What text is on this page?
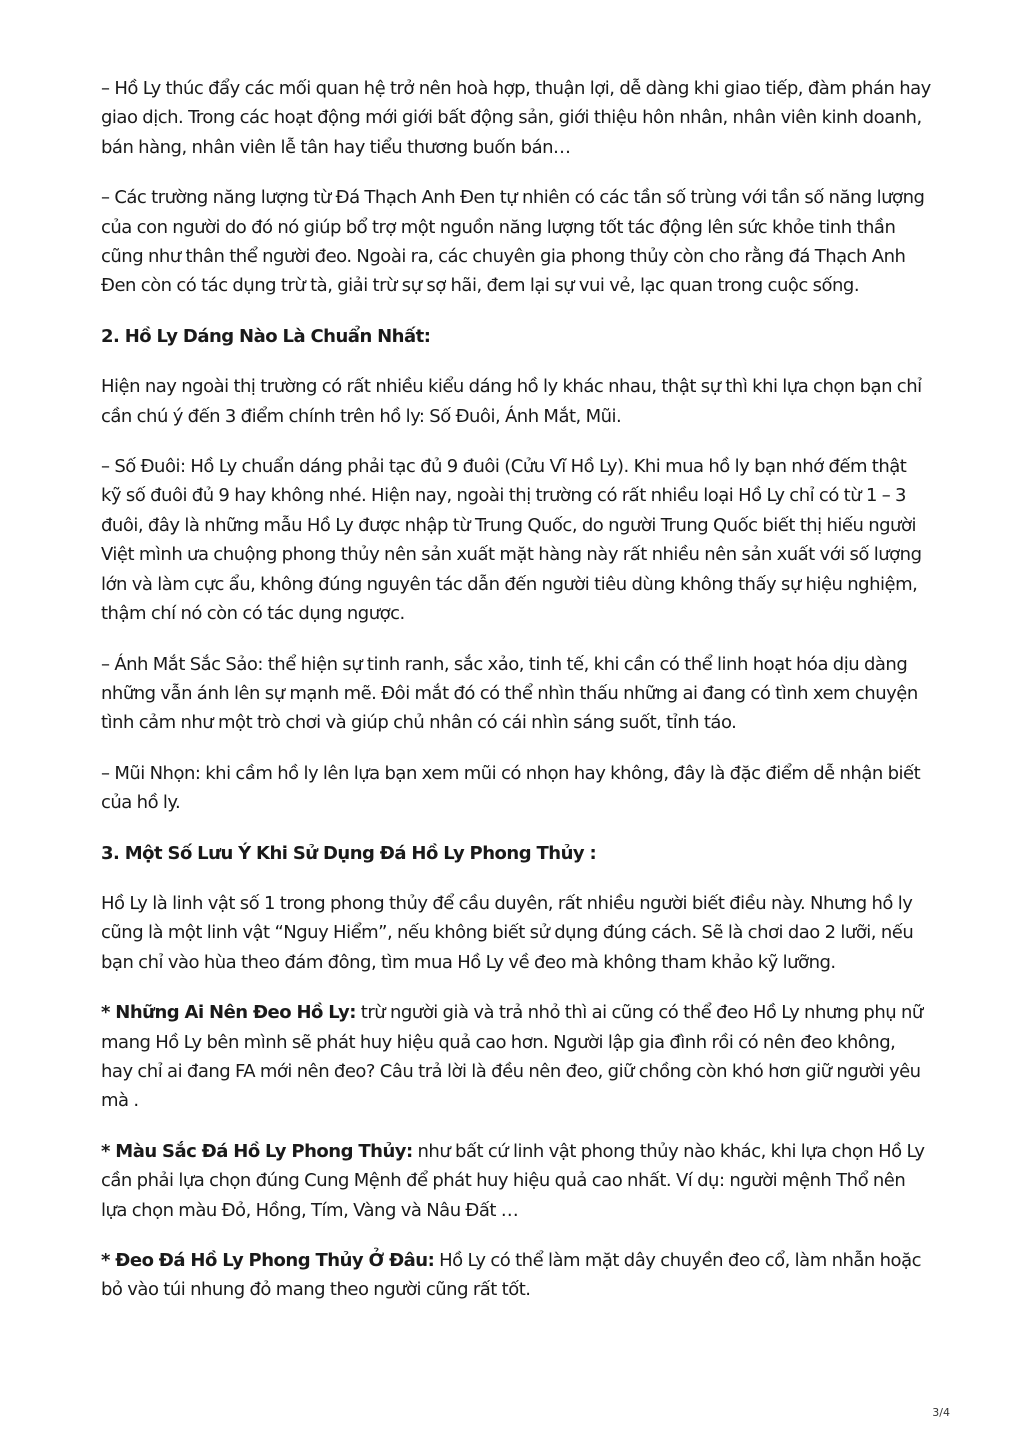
– Hồ Ly thúc đẩy các mối quan hệ trở nên hoà hợp, thuận lợi, dễ dàng khi giao tiếp, đàm phán hay giao dịch. Trong các hoạt động mới giới bất động sản, giới thiệu hôn nhân, nhân viên kinh doanh, bán hàng, nhân viên lễ tân hay tiểu thương buốn bán…

– Các trường năng lượng từ Đá Thạch Anh Đen tự nhiên có các tần số trùng với tần số năng lượng của con người do đó nó giúp bổ trợ một nguồn năng lượng tốt tác động lên sức khỏe tinh thần cũng như thân thể người đeo. Ngoài ra, các chuyên gia phong thủy còn cho rằng đá Thạch Anh Đen còn có tác dụng trừ tà, giải trừ sự sợ hãi, đem lại sự vui vẻ, lạc quan trong cuộc sống.

2. Hồ Ly Dáng Nào Là Chuẩn Nhất:

Hiện nay ngoài thị trường có rất nhiều kiểu dáng hồ ly khác nhau, thật sự thì khi lựa chọn bạn chỉ cần chú ý đến 3 điểm chính trên hồ ly: Số Đuôi, Ánh Mắt, Mũi.

– Số Đuôi: Hồ Ly chuẩn dáng phải tạc đủ 9 đuôi (Cửu Vĩ Hồ Ly). Khi mua hồ ly bạn nhớ đếm thật kỹ số đuôi đủ 9 hay không nhé. Hiện nay, ngoài thị trường có rất nhiều loại Hồ Ly chỉ có từ 1 – 3 đuôi, đây là những mẫu Hồ Ly được nhập từ Trung Quốc, do người Trung Quốc biết thị hiếu người Việt mình ưa chuộng phong thủy nên sản xuất mặt hàng này rất nhiều nên sản xuất với số lượng lớn và làm cực ẩu, không đúng nguyên tác dẫn đến người tiêu dùng không thấy sự hiệu nghiệm, thậm chí nó còn có tác dụng ngược.

– Ánh Mắt Sắc Sảo: thể hiện sự tinh ranh, sắc xảo, tinh tế, khi cần có thể linh hoạt hóa dịu dàng những vẫn ánh lên sự mạnh mẽ. Đôi mắt đó có thể nhìn thấu những ai đang có tình xem chuyện tình cảm như một trò chơi và giúp chủ nhân có cái nhìn sáng suốt, tỉnh táo.

– Mũi Nhọn: khi cầm hồ ly lên lựa bạn xem mũi có nhọn hay không, đây là đặc điểm dễ nhận biết của hồ ly.

3. Một Số Lưu Ý Khi Sử Dụng Đá Hồ Ly Phong Thủy :

Hồ Ly là linh vật số 1 trong phong thủy để cầu duyên, rất nhiều người biết điều này. Nhưng hồ ly cũng là một linh vật “Nguy Hiểm”, nếu không biết sử dụng đúng cách. Sẽ là chơi dao 2 lưỡi, nếu bạn chỉ vào hùa theo đám đông, tìm mua Hồ Ly về đeo mà không tham khảo kỹ lưỡng.

* Những Ai Nên Đeo Hồ Ly: trừ người già và trả nhỏ thì ai cũng có thể đeo Hồ Ly nhưng phụ nữ mang Hồ Ly bên mình sẽ phát huy hiệu quả cao hơn. Người lập gia đình rồi có nên đeo không, hay chỉ ai đang FA mới nên đeo? Câu trả lời là đều nên đeo, giữ chồng còn khó hơn giữ người yêu mà .

* Màu Sắc Đá Hồ Ly Phong Thủy: như bất cứ linh vật phong thủy nào khác, khi lựa chọn Hồ Ly cần phải lựa chọn đúng Cung Mệnh để phát huy hiệu quả cao nhất. Ví dụ: người mệnh Thổ nên lựa chọn màu Đỏ, Hồng, Tím, Vàng và Nâu Đất …

* Đeo Đá Hồ Ly Phong Thủy Ở Đâu: Hồ Ly có thể làm mặt dây chuyền đeo cổ, làm nhẫn hoặc bỏ vào túi nhung đỏ mang theo người cũng rất tốt.

3/4
